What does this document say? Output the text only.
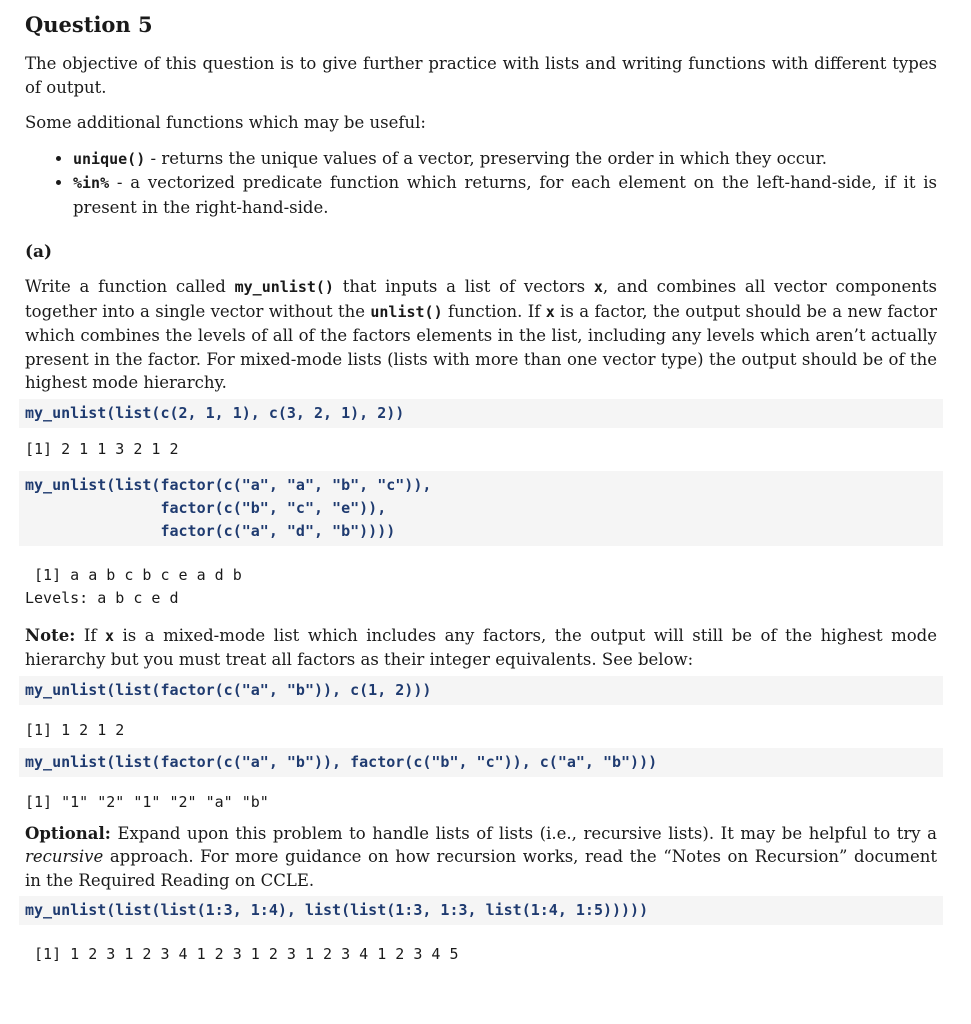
Question 5

The objective of this question is to give further practice with lists and writing functions with different types of output.

Some additional functions which may be useful:

• unique() - returns the unique values of a vector, preserving the order in which they occur.
• %in% - a vectorized predicate function which returns, for each element on the left-hand-side, if it is present in the right-hand-side.
(a)

Write a function called my_unlist() that inputs a list of vectors x, and combines all vector components together into a single vector without the unlist() function. If x is a factor, the output should be a new factor which combines the levels of all of the factors elements in the list, including any levels which aren’t actually present in the factor. For mixed-mode lists (lists with more than one vector type) the output should be of the highest mode hierarchy.

my_unlist(list(c(2, 1, 1), c(3, 2, 1), 2))
[1] 2 1 1 3 2 1 2
my_unlist(list(factor(c("a", "a", "b", "c")),
factor(c("b", "c", "e")),
factor(c("a", "d", "b"))))
[1] a a b c b c e a d b
Levels: a b c e d

Note: If x is a mixed-mode list which includes any factors, the output will still be of the highest mode hierarchy but you must treat all factors as their integer equivalents. See below:

my_unlist(list(factor(c("a", "b")), c(1, 2)))
[1] 1 2 1 2
my_unlist(list(factor(c("a", "b")), factor(c("b", "c")), c("a", "b")))
[1] "1" "2" "1" "2" "a" "b"

Optional: Expand upon this problem to handle lists of lists (i.e., recursive lists). It may be helpful to try a recursive approach. For more guidance on how recursion works, read the “Notes on Recursion” document in the Required Reading on CCLE.

my_unlist(list(list(1:3, 1:4), list(list(1:3, 1:3, list(1:4, 1:5)))))
[1] 1 2 3 1 2 3 4 1 2 3 1 2 3 1 2 3 4 1 2 3 4 5
